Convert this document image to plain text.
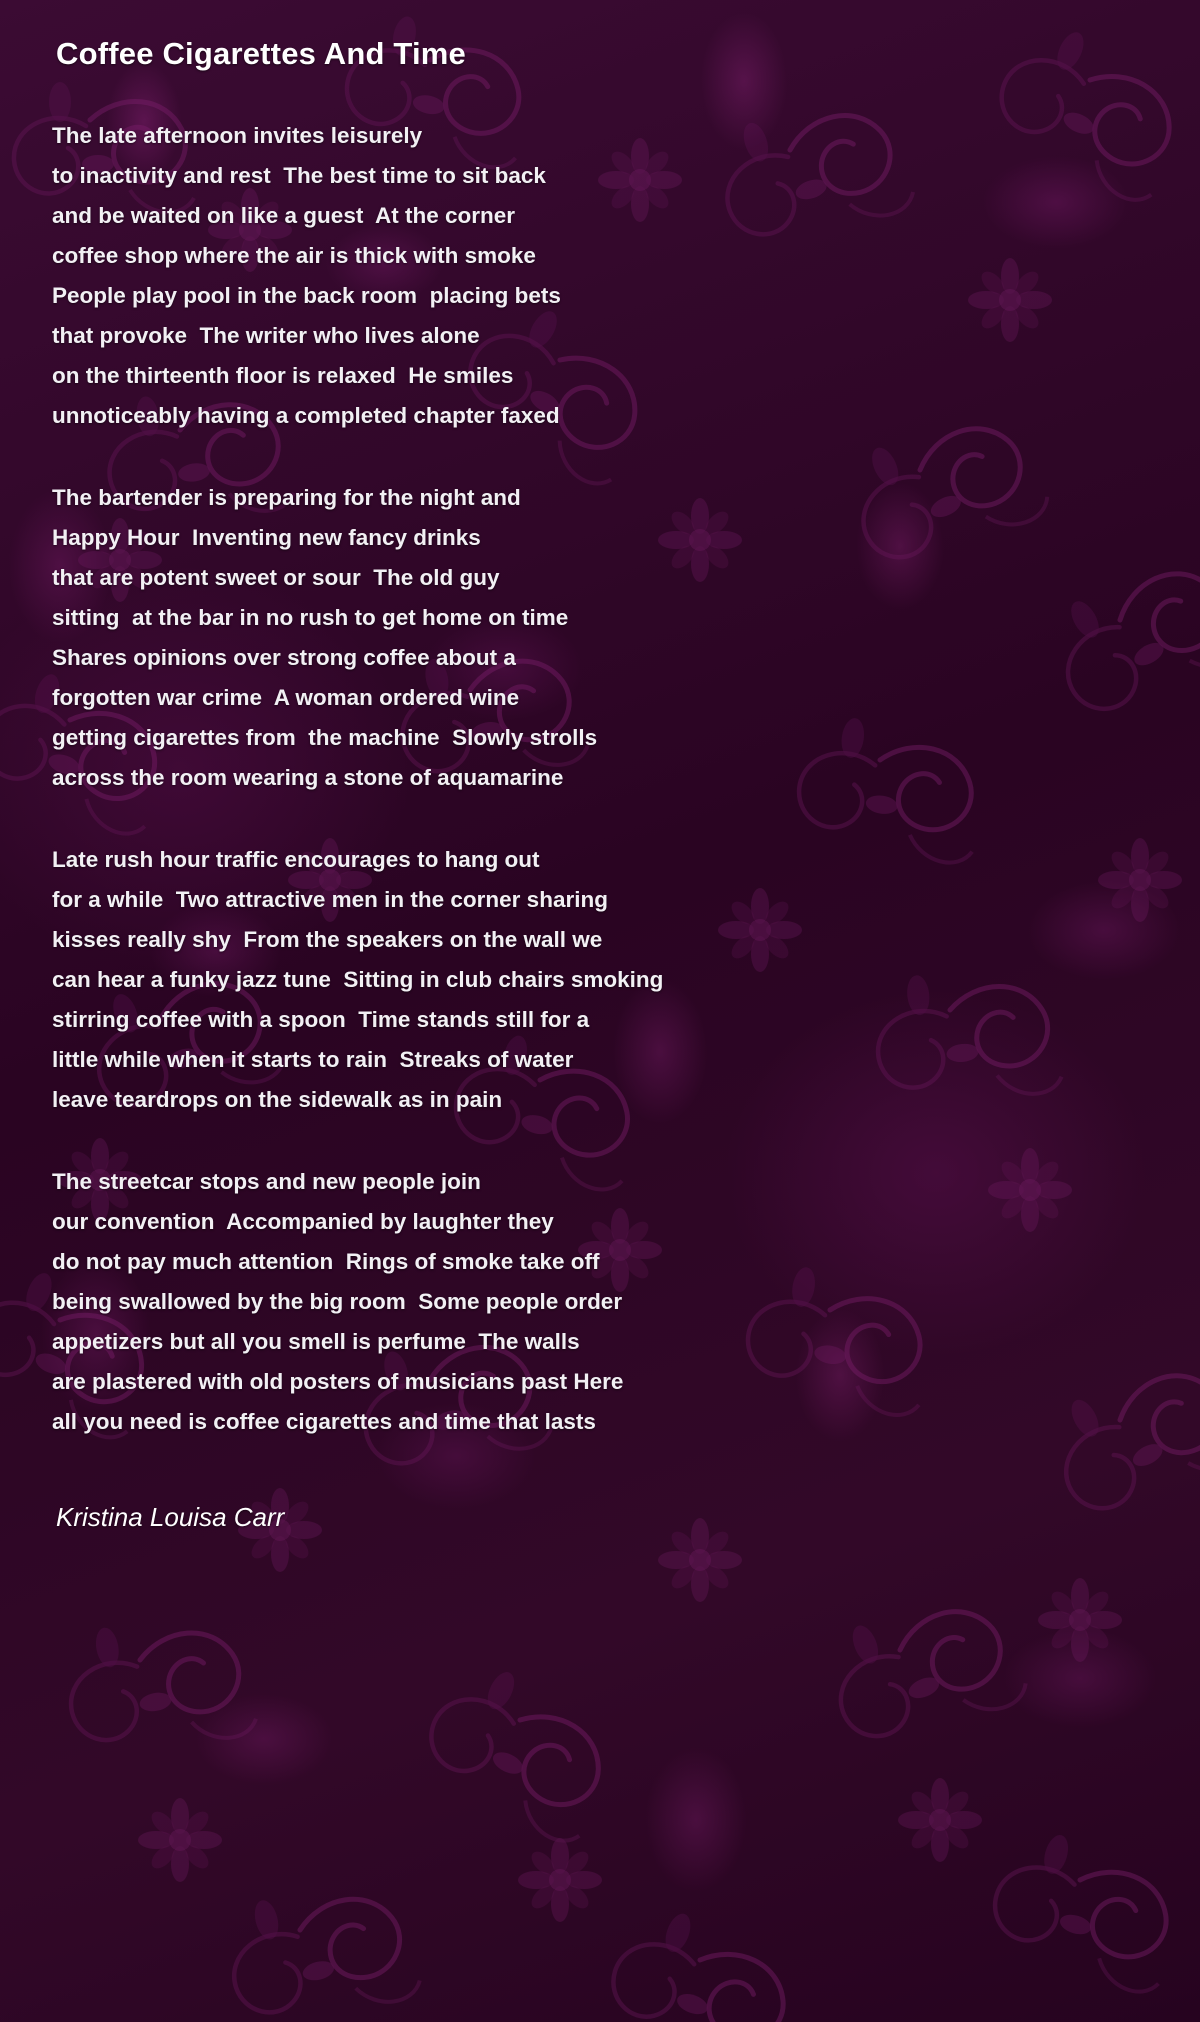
Coffee Cigarettes And Time
The late afternoon invites leisurely
to inactivity and rest  The best time to sit back
and be waited on like a guest  At the corner
coffee shop where the air is thick with smoke
People play pool in the back room  placing bets
that provoke  The writer who lives alone
on the thirteenth floor is relaxed  He smiles
unnoticeably having a completed chapter faxed
The bartender is preparing for the night and
Happy Hour  Inventing new fancy drinks
that are potent sweet or sour  The old guy
sitting  at the bar in no rush to get home on time
Shares opinions over strong coffee about a
forgotten war crime  A woman ordered wine
getting cigarettes from  the machine  Slowly strolls
across the room wearing a stone of aquamarine
Late rush hour traffic encourages to hang out
for a while  Two attractive men in the corner sharing
kisses really shy  From the speakers on the wall we
can hear a funky jazz tune  Sitting in club chairs smoking
stirring coffee with a spoon  Time stands still for a
little while when it starts to rain  Streaks of water
leave teardrops on the sidewalk as in pain
The streetcar stops and new people join
our convention  Accompanied by laughter they
do not pay much attention  Rings of smoke take off
being swallowed by the big room  Some people order
appetizers but all you smell is perfume  The walls
are plastered with old posters of musicians past Here
all you need is coffee cigarettes and time that lasts
Kristina Louisa Carr
